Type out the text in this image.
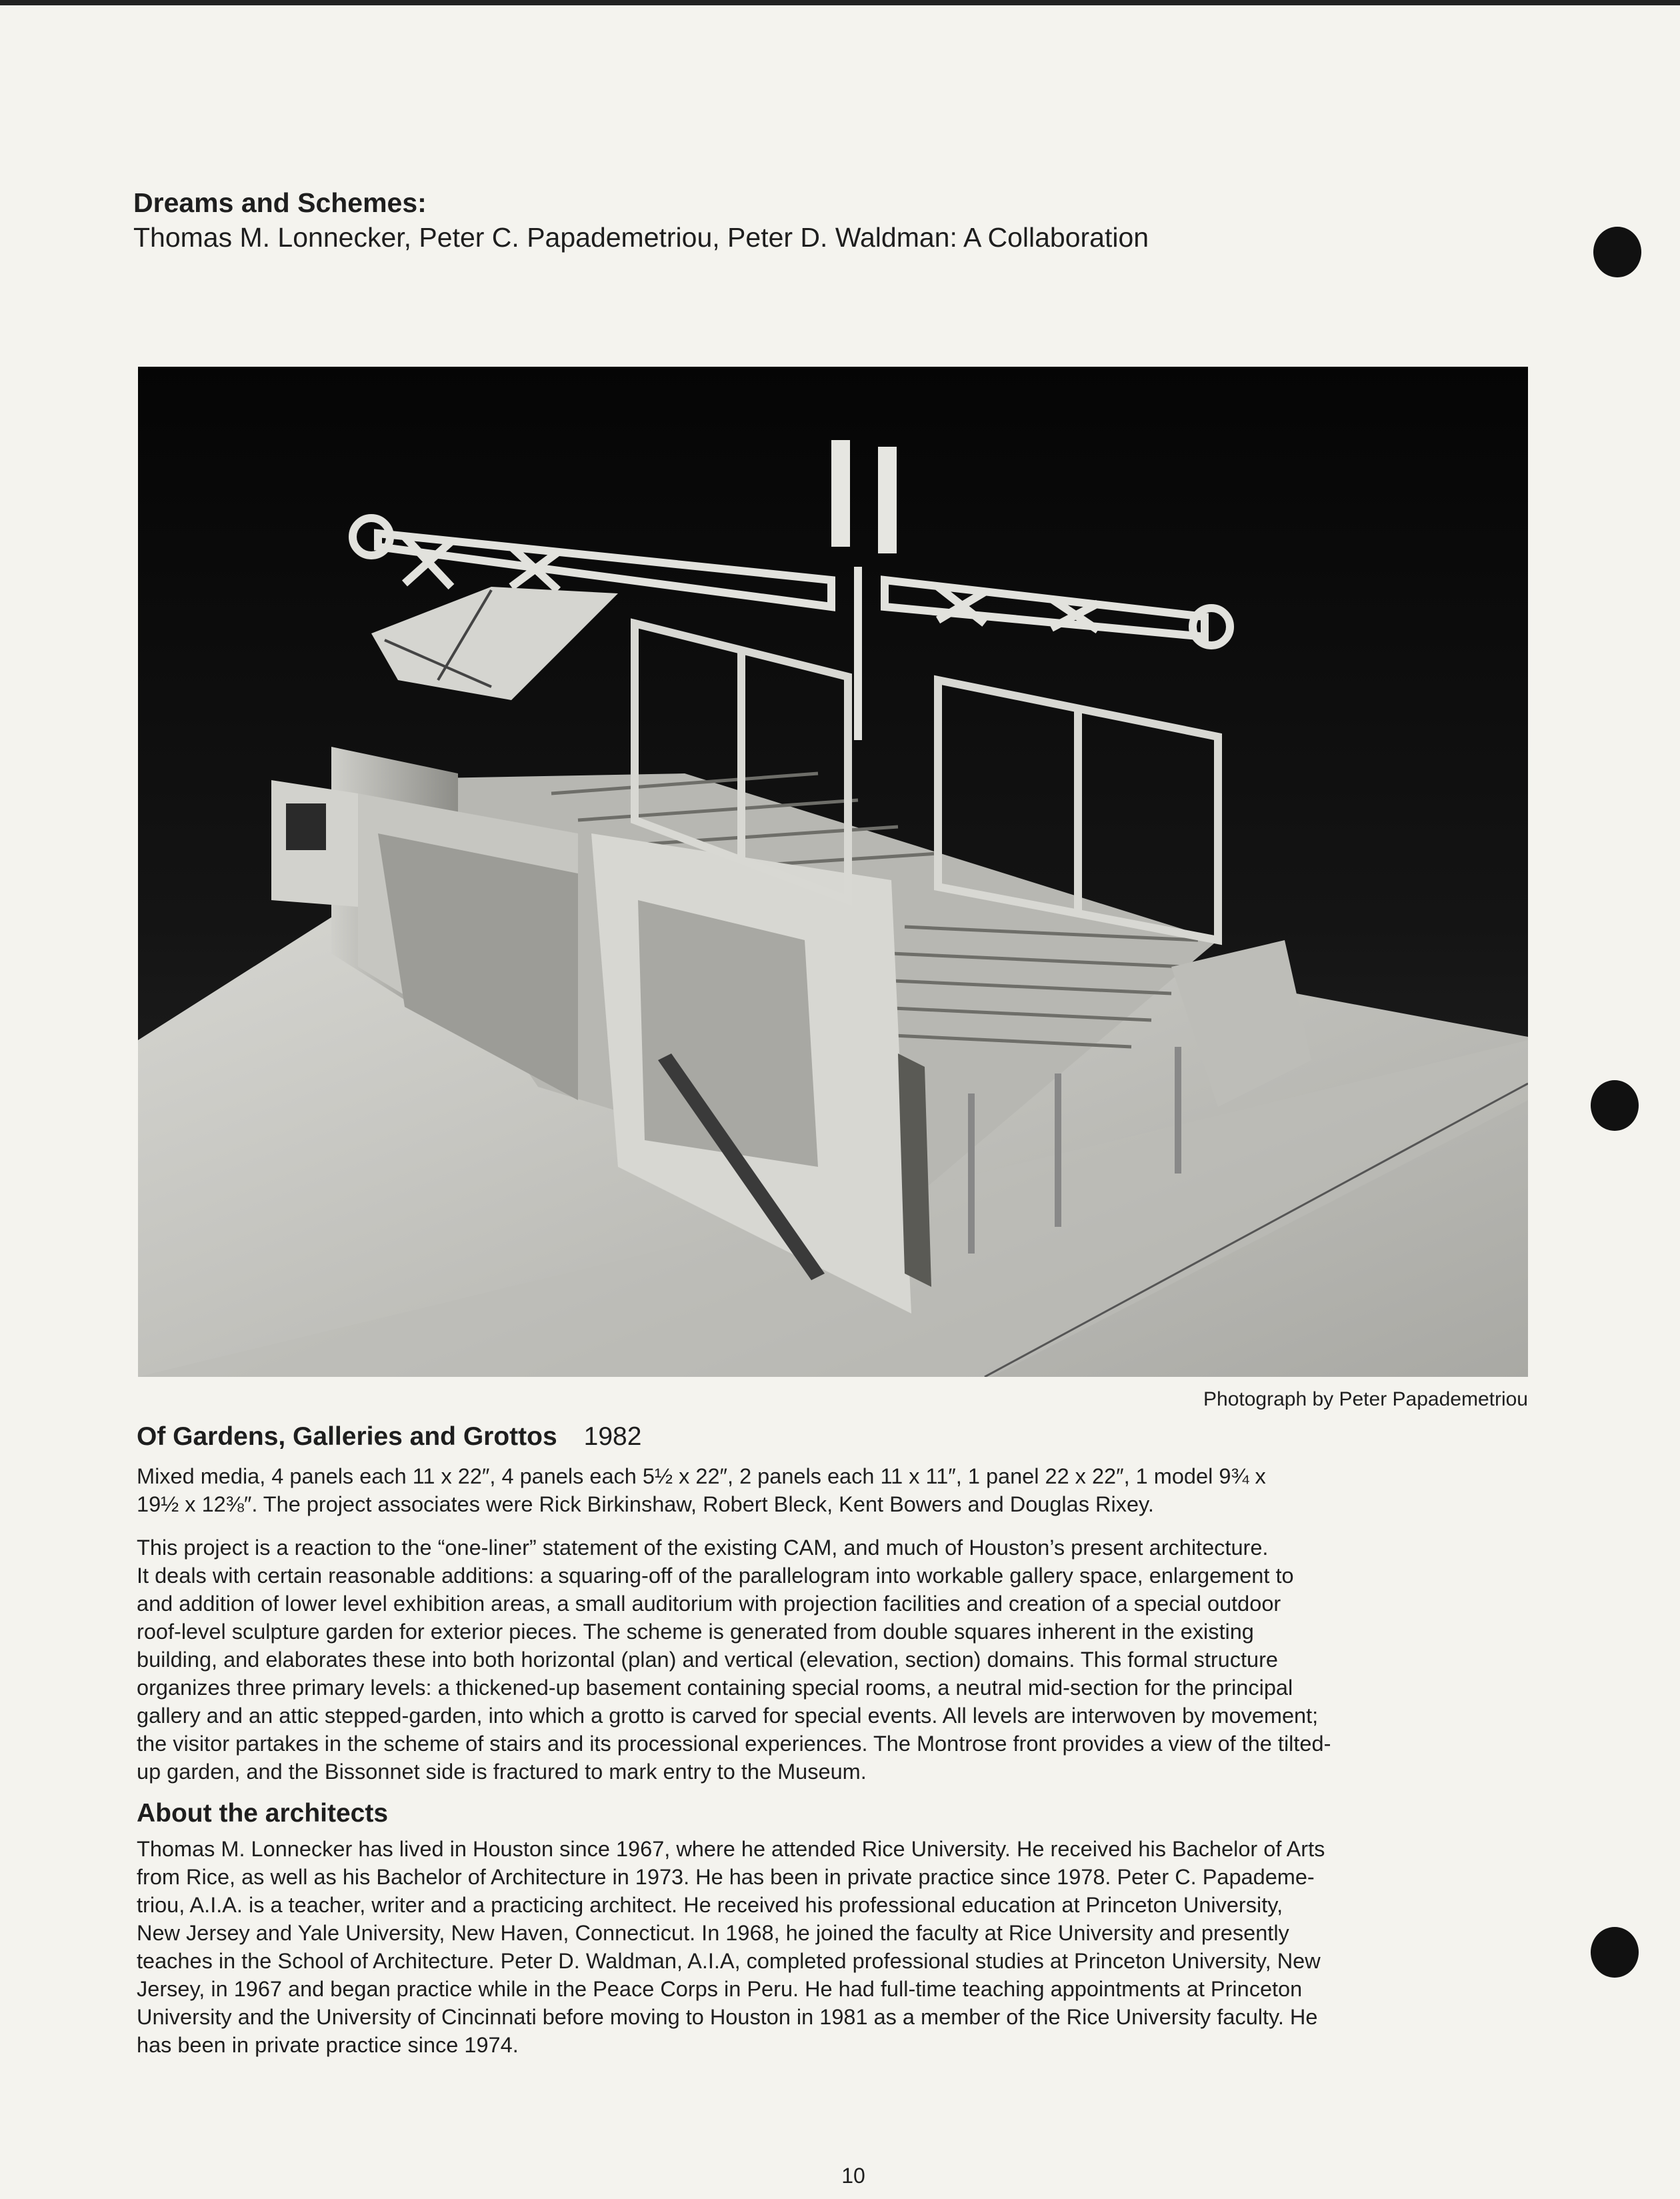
Dreams and Schemes:
Thomas M. Lonnecker, Peter C. Papademetriou, Peter D. Waldman: A Collaboration
Photograph by Peter Papademetriou
Of Gardens, Galleries and Grottos 1982
Mixed media, 4 panels each 11 x 22″, 4 panels each 5½ x 22″, 2 panels each 11 x 11″, 1 panel 22 x 22″, 1 model 9¾ x
19½ x 12⅜″. The project associates were Rick Birkinshaw, Robert Bleck, Kent Bowers and Douglas Rixey.
This project is a reaction to the “one-liner” statement of the existing CAM, and much of Houston’s present architecture.
It deals with certain reasonable additions: a squaring-off of the parallelogram into workable gallery space, enlargement to
and addition of lower level exhibition areas, a small auditorium with projection facilities and creation of a special outdoor
roof-level sculpture garden for exterior pieces. The scheme is generated from double squares inherent in the existing
building, and elaborates these into both horizontal (plan) and vertical (elevation, section) domains. This formal structure
organizes three primary levels: a thickened-up basement containing special rooms, a neutral mid-section for the principal
gallery and an attic stepped-garden, into which a grotto is carved for special events. All levels are interwoven by movement;
the visitor partakes in the scheme of stairs and its processional experiences. The Montrose front provides a view of the tilted-
up garden, and the Bissonnet side is fractured to mark entry to the Museum.
About the architects
Thomas M. Lonnecker has lived in Houston since 1967, where he attended Rice University. He received his Bachelor of Arts
from Rice, as well as his Bachelor of Architecture in 1973. He has been in private practice since 1978. Peter C. Papademe-
triou, A.I.A. is a teacher, writer and a practicing architect. He received his professional education at Princeton University,
New Jersey and Yale University, New Haven, Connecticut. In 1968, he joined the faculty at Rice University and presently
teaches in the School of Architecture. Peter D. Waldman, A.I.A, completed professional studies at Princeton University, New
Jersey, in 1967 and began practice while in the Peace Corps in Peru. He had full-time teaching appointments at Princeton
University and the University of Cincinnati before moving to Houston in 1981 as a member of the Rice University faculty. He
has been in private practice since 1974.
10
